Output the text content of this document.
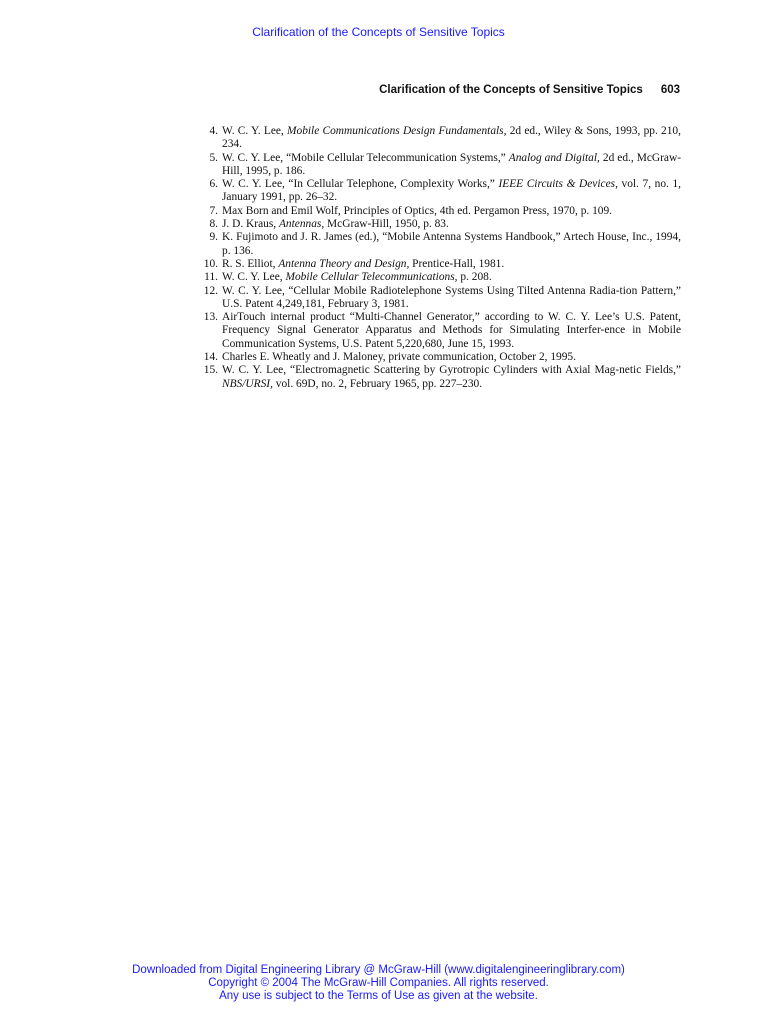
Clarification of the Concepts of Sensitive Topics
Clarification of the Concepts of Sensitive Topics 603
4. W. C. Y. Lee, Mobile Communications Design Fundamentals, 2d ed., Wiley & Sons, 1993, pp. 210, 234.
5. W. C. Y. Lee, “Mobile Cellular Telecommunication Systems,” Analog and Digital, 2d ed., McGraw-Hill, 1995, p. 186.
6. W. C. Y. Lee, “In Cellular Telephone, Complexity Works,” IEEE Circuits & Devices, vol. 7, no. 1, January 1991, pp. 26–32.
7. Max Born and Emil Wolf, Principles of Optics, 4th ed. Pergamon Press, 1970, p. 109.
8. J. D. Kraus, Antennas, McGraw-Hill, 1950, p. 83.
9. K. Fujimoto and J. R. James (ed.), “Mobile Antenna Systems Handbook,” Artech House, Inc., 1994, p. 136.
10. R. S. Elliot, Antenna Theory and Design, Prentice-Hall, 1981.
11. W. C. Y. Lee, Mobile Cellular Telecommunications, p. 208.
12. W. C. Y. Lee, “Cellular Mobile Radiotelephone Systems Using Tilted Antenna Radia-tion Pattern,” U.S. Patent 4,249,181, February 3, 1981.
13. AirTouch internal product “Multi-Channel Generator,” according to W. C. Y. Lee’s U.S. Patent, Frequency Signal Generator Apparatus and Methods for Simulating Interfer-ence in Mobile Communication Systems, U.S. Patent 5,220,680, June 15, 1993.
14. Charles E. Wheatly and J. Maloney, private communication, October 2, 1995.
15. W. C. Y. Lee, “Electromagnetic Scattering by Gyrotropic Cylinders with Axial Mag-netic Fields,” NBS/URSI, vol. 69D, no. 2, February 1965, pp. 227–230.
Downloaded from Digital Engineering Library @ McGraw-Hill (www.digitalengineeringlibrary.com)
Copyright © 2004 The McGraw-Hill Companies. All rights reserved.
Any use is subject to the Terms of Use as given at the website.
